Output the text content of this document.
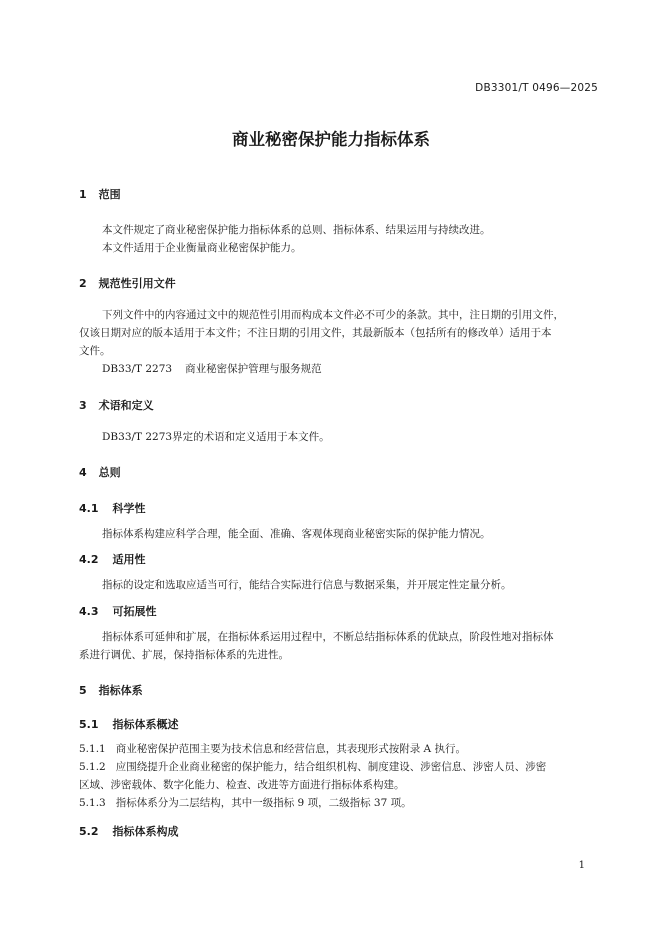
DB3301/T 0496—2025
商业秘密保护能力指标体系
1 范围
本文件规定了商业秘密保护能力指标体系的总则、指标体系、结果运用与持续改进。
本文件适用于企业衡量商业秘密保护能力。
2 规范性引用文件
下列文件中的内容通过文中的规范性引用而构成本文件必不可少的条款。其中，注日期的引用文件，
仅该日期对应的版本适用于本文件；不注日期的引用文件，其最新版本（包括所有的修改单）适用于本
文件。
DB33/T 2273 商业秘密保护管理与服务规范
3 术语和定义
DB33/T 2273界定的术语和定义适用于本文件。
4 总则
4.1 科学性
指标体系构建应科学合理，能全面、准确、客观体现商业秘密实际的保护能力情况。
4.2 适用性
指标的设定和选取应适当可行，能结合实际进行信息与数据采集，并开展定性定量分析。
4.3 可拓展性
指标体系可延伸和扩展，在指标体系运用过程中，不断总结指标体系的优缺点，阶段性地对指标体
系进行调优、扩展，保持指标体系的先进性。
5 指标体系
5.1 指标体系概述
5.1.1 商业秘密保护范围主要为技术信息和经营信息，其表现形式按附录 A 执行。
5.1.2 应围绕提升企业商业秘密的保护能力，结合组织机构、制度建设、涉密信息、涉密人员、涉密
区域、涉密载体、数字化能力、检查、改进等方面进行指标体系构建。
5.1.3 指标体系分为二层结构，其中一级指标 9 项，二级指标 37 项。
5.2 指标体系构成
1
